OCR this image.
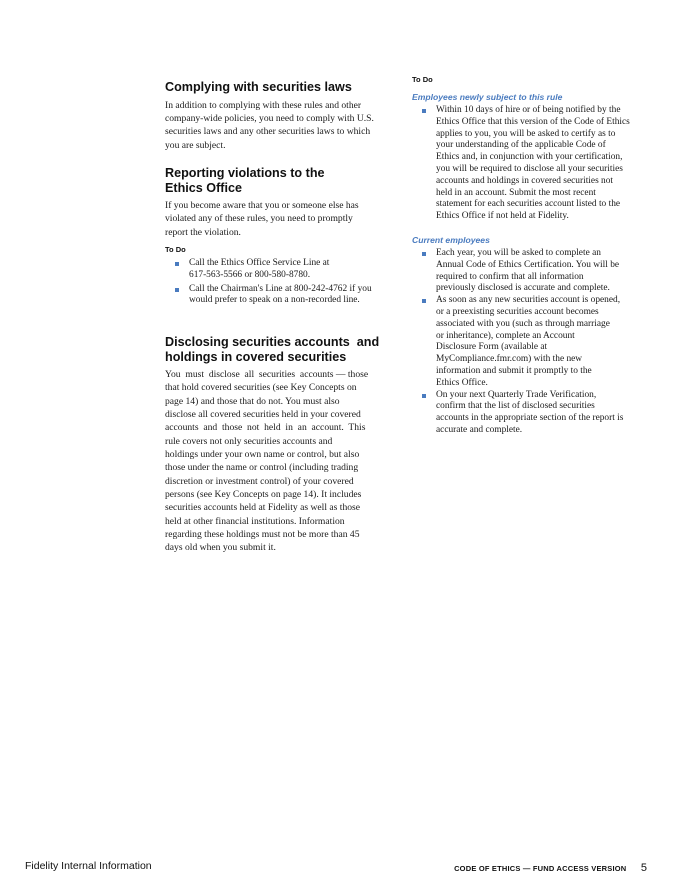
Complying with securities laws

In addition to complying with these rules and other

company-wide policies, you need to comply with U.S.

securities laws and any other securities laws to which

you are subject.

Reporting violations to the
Ethics Office

If you become aware that you or someone else has

violated any of these rules, you need to promptly

report the violation.

To Do

Call the Ethics Office Service Line at
617-563-5566 or 800-580-8780.
Call the Chairman's Line at 800-242-4762 if you
would prefer to speak on a non-recorded line.
Disclosing securities accounts  and
holdings in covered securities

You  must  disclose  all  securities  accounts — those

that hold covered securities (see Key Concepts on

page 14) and those that do not. You must also

disclose all covered securities held in your covered

accounts  and  those  not  held  in  an  account.  This

rule covers not only securities accounts and

holdings under your own name or control, but also

those under the name or control (including trading

discretion or investment control) of your covered

persons (see Key Concepts on page 14). It includes

securities accounts held at Fidelity as well as those

held at other financial institutions. Information

regarding these holdings must not be more than 45

days old when you submit it.

To Do

Employees newly subject to this rule

Within 10 days of hire or of being notified by the
Ethics Office that this version of the Code of Ethics
applies to you, you will be asked to certify as to
your understanding of the applicable Code of
Ethics and, in conjunction with your certification,
you will be required to disclose all your securities
accounts and holdings in covered securities not
held in an account. Submit the most recent
statement for each securities account listed to the
Ethics Office if not held at Fidelity.

Current employees

Each year, you will be asked to complete an
Annual Code of Ethics Certification. You will be
required to confirm that all information
previously disclosed is accurate and complete.
As soon as any new securities account is opened,
or a preexisting securities account becomes
associated with you (such as through marriage
or inheritance), complete an Account
Disclosure Form (available at
MyCompliance.fmr.com) with the new
information and submit it promptly to the
Ethics Office.
On your next Quarterly Trade Verification,
confirm that the list of disclosed securities
accounts in the appropriate section of the report is
accurate and complete.
Fidelity Internal Information	CODE OF ETHICS — FUND ACCESS VERSION 5
